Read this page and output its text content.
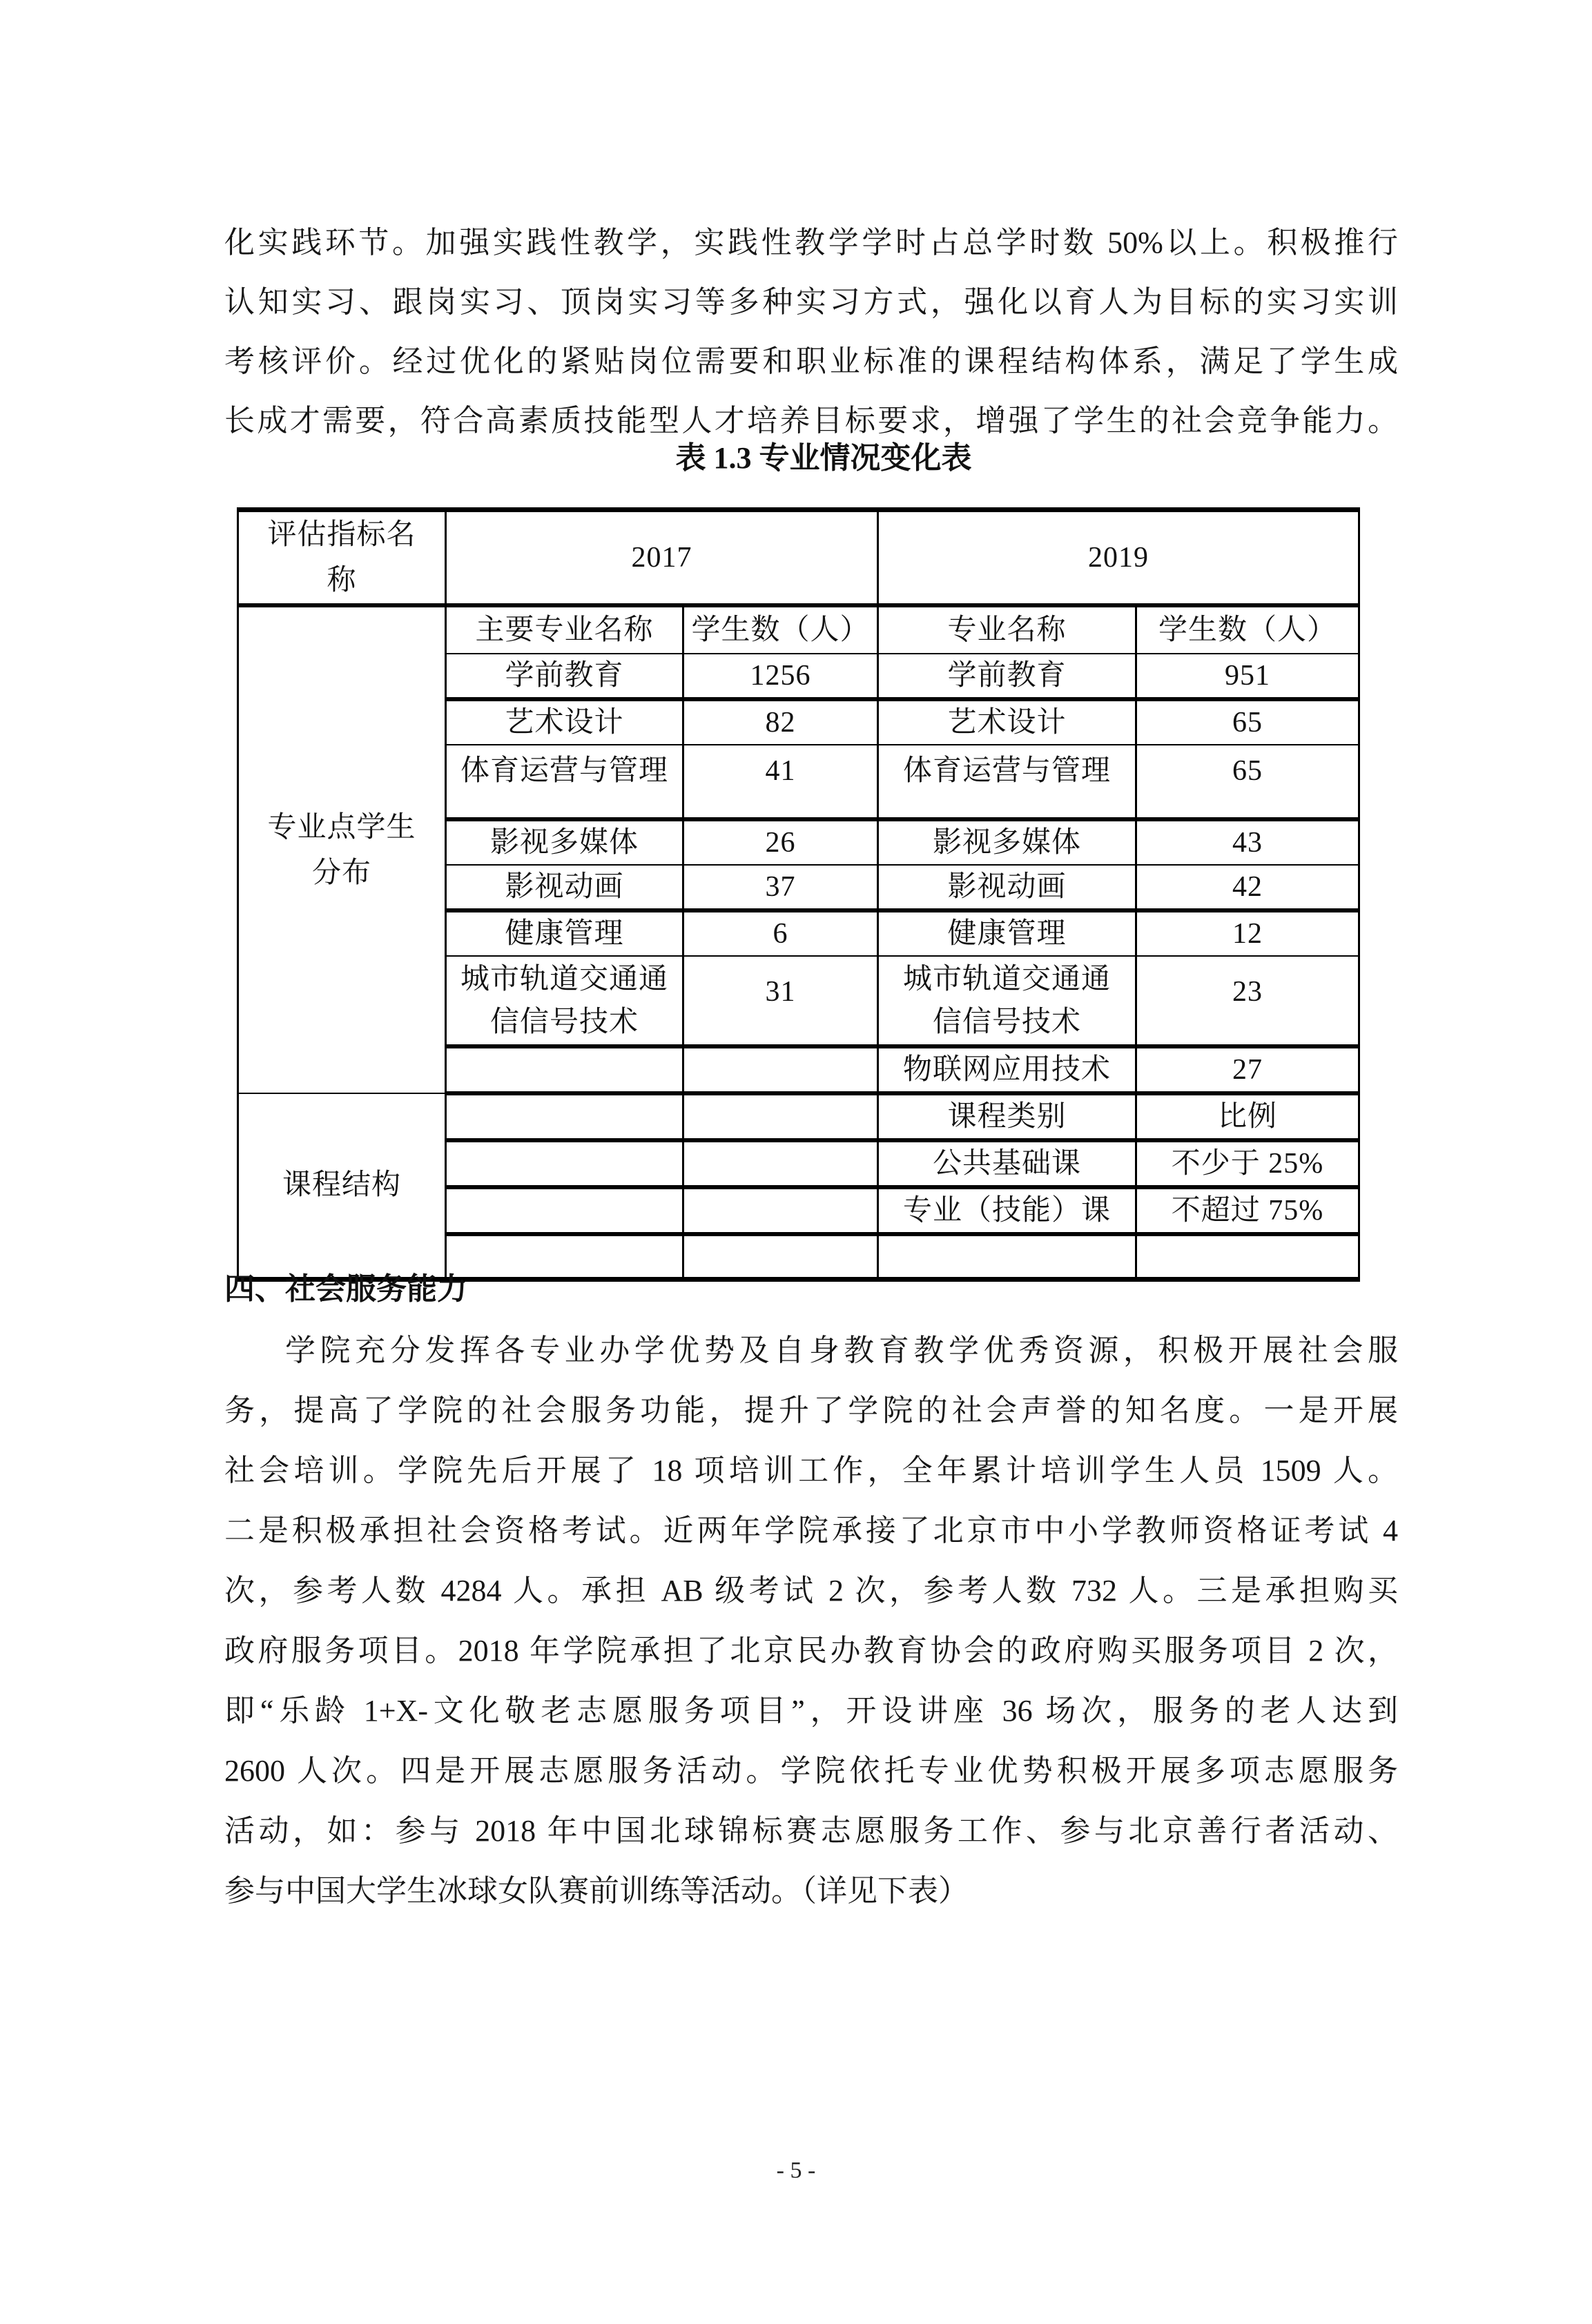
化实践环节。加强实践性教学，实践性教学学时占总学时数 50%以上。积极推行
认知实习、跟岗实习、顶岗实习等多种实习方式，强化以育人为目标的实习实训
考核评价。经过优化的紧贴岗位需要和职业标准的课程结构体系，满足了学生成
长成才需要，符合高素质技能型人才培养目标要求，增强了学生的社会竞争能力。
表 1.3 专业情况变化表
评估指标名称	2017		2019	
专业点学生分布	主要专业名称	学生数（人）	专业名称	学生数（人）
	学前教育	1256	学前教育	951
	艺术设计	82	艺术设计	65
	体育运营与管理	41	体育运营与管理	65
	影视多媒体	26	影视多媒体	43
	影视动画	37	影视动画	42
	健康管理	6	健康管理	12
	城市轨道交通通信信号技术	31	城市轨道交通通信信号技术	23
			物联网应用技术	27
课程结构			课程类别	比例
			公共基础课	不少于 25%
			专业（技能）课	不超过 75%

四、社会服务能力
学院充分发挥各专业办学优势及自身教育教学优秀资源，积极开展社会服
务，提高了学院的社会服务功能，提升了学院的社会声誉的知名度。一是开展
社会培训。学院先后开展了 18 项培训工作，全年累计培训学生人员 1509 人。
二是积极承担社会资格考试。近两年学院承接了北京市中小学教师资格证考试 4
次，参考人数 4284 人。承担 AB 级考试 2 次，参考人数 732 人。三是承担购买
政府服务项目。2018 年学院承担了北京民办教育协会的政府购买服务项目 2 次，
即“乐龄 1+X-文化敬老志愿服务项目”，开设讲座 36 场次，服务的老人达到
2600 人次。四是开展志愿服务活动。学院依托专业优势积极开展多项志愿服务
活动，如：参与 2018 年中国北球锦标赛志愿服务工作、参与北京善行者活动、
参与中国大学生冰球女队赛前训练等活动。（详见下表）
- 5 -
